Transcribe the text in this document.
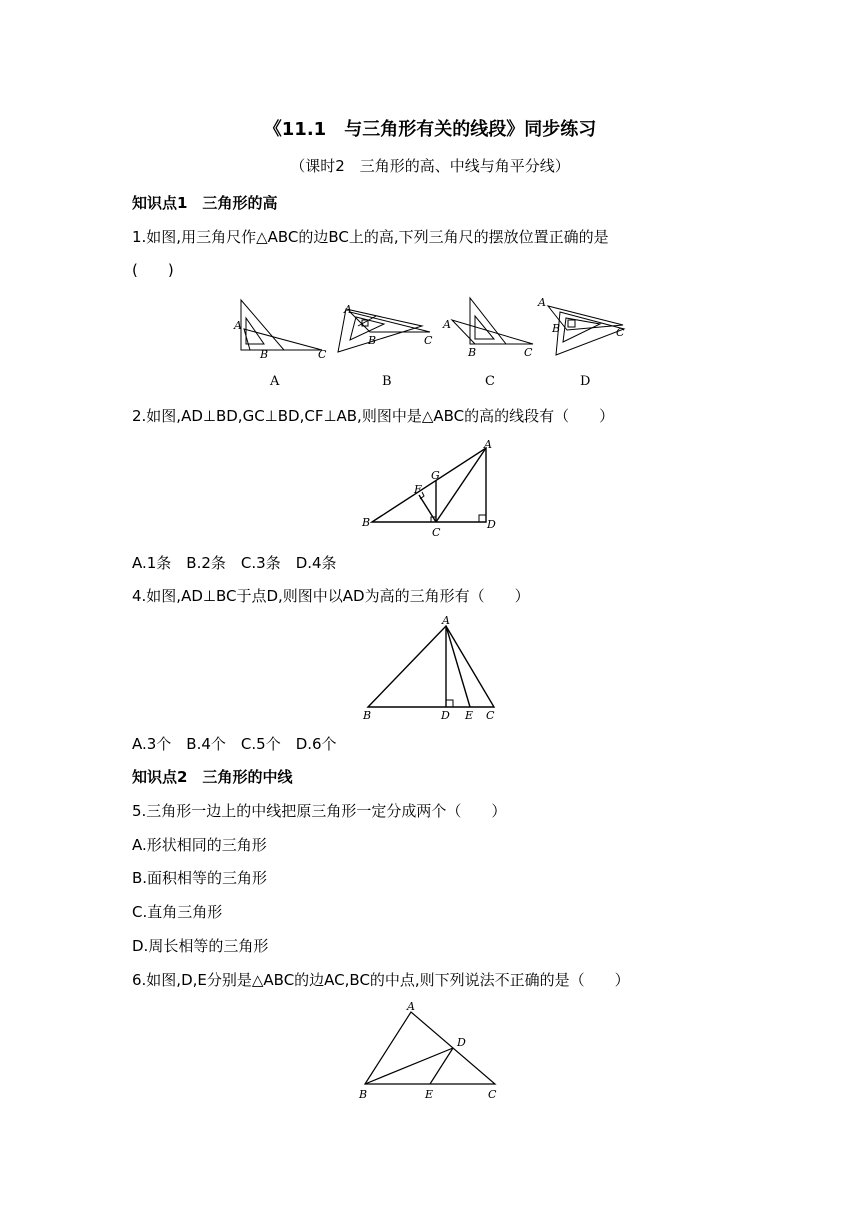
《11.1　与三角形有关的线段》同步练习
（课时2　三角形的高、中线与角平分线）
知识点1　三角形的高
1.如图,用三角尺作△ABC的边BC上的高,下列三角尺的摆放位置正确的是
(　　)
A
B	C
A
B	C
A
B	C
A
B	C
A	B	C	D
2.如图,AD⊥BD,GC⊥BD,CF⊥AB,则图中是△ABC的高的线段有（　　）
B
A
D
C
G
F
A.1条　B.2条　C.3条　D.4条
4.如图,AD⊥BC于点D,则图中以AD为高的三角形有（　　）
B
A
D E C
A.3个　B.4个　C.5个　D.6个
知识点2　三角形的中线
5.三角形一边上的中线把原三角形一定分成两个（　　）
A.形状相同的三角形
B.面积相等的三角形
C.直角三角形
D.周长相等的三角形
6.如图,D,E分别是△ABC的边AC,BC的中点,则下列说法不正确的是（　　）
B
A
D
E	C
